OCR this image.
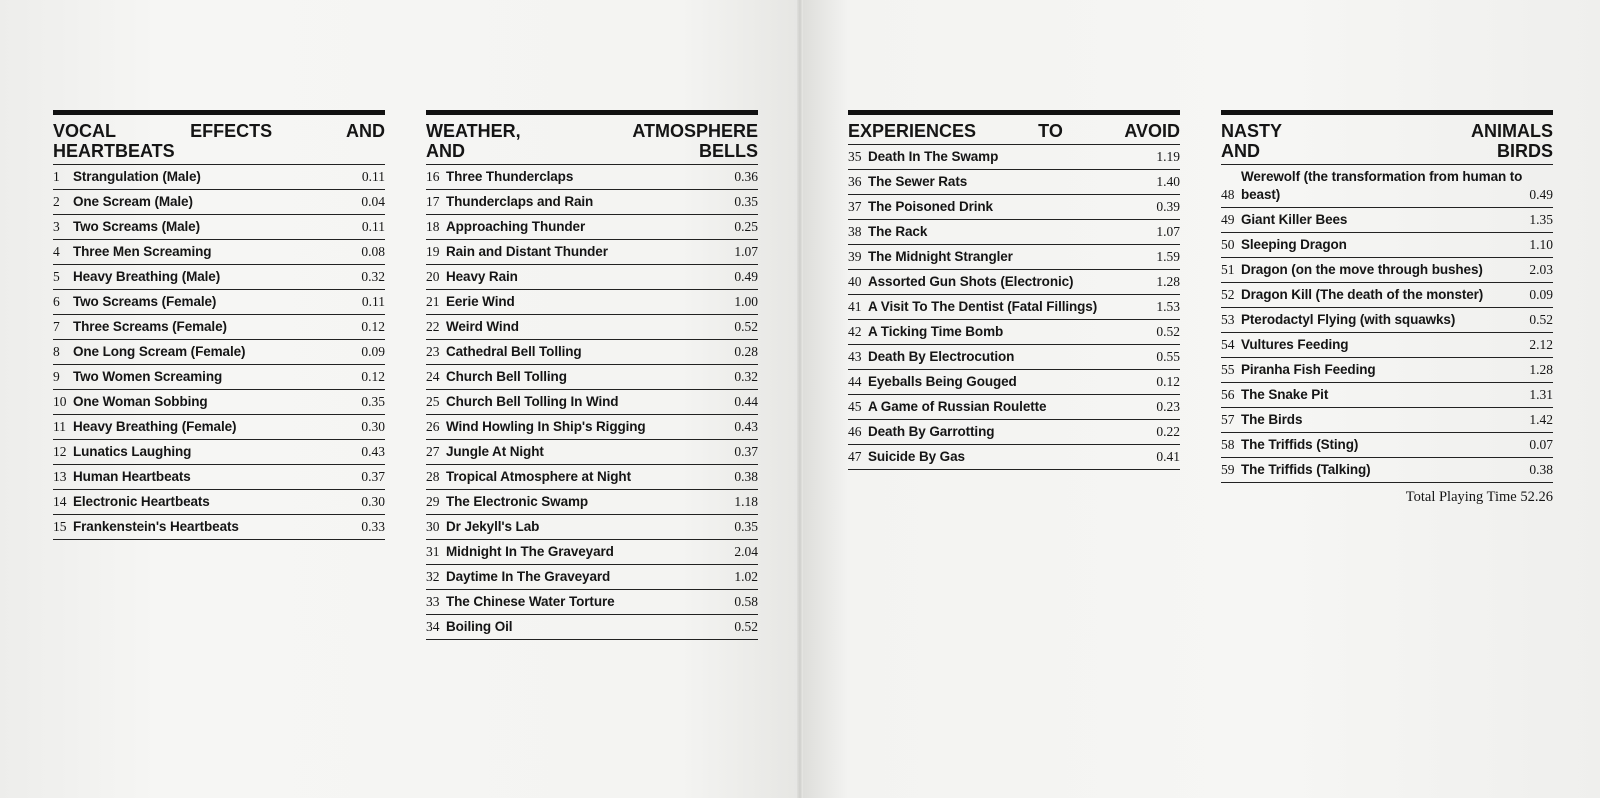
VOCAL EFFECTS AND
HEARTBEATS
1 Strangulation (Male)	0.11
2 One Scream (Male)	0.04
3 Two Screams (Male)	0.11
4 Three Men Screaming	0.08
5 Heavy Breathing (Male)	0.32
6 Two Screams (Female)	0.11
7 Three Screams (Female)	0.12
8 One Long Scream (Female)	0.09
9 Two Women Screaming	0.12
10 One Woman Sobbing	0.35
11 Heavy Breathing (Female)	0.30
12 Lunatics Laughing	0.43
13 Human Heartbeats	0.37
14 Electronic Heartbeats	0.30
15 Frankenstein's Heartbeats	0.33
WEATHER, ATMOSPHERE
AND BELLS
16 Three Thunderclaps	0.36
17 Thunderclaps and Rain	0.35
18 Approaching Thunder	0.25
19 Rain and Distant Thunder	1.07
20 Heavy Rain	0.49
21 Eerie Wind	1.00
22 Weird Wind	0.52
23 Cathedral Bell Tolling	0.28
24 Church Bell Tolling	0.32
25 Church Bell Tolling In Wind	0.44
26 Wind Howling In Ship's Rigging	0.43
27 Jungle At Night	0.37
28 Tropical Atmosphere at Night	0.38
29 The Electronic Swamp	1.18
30 Dr Jekyll's Lab	0.35
31 Midnight In The Graveyard	2.04
32 Daytime In The Graveyard	1.02
33 The Chinese Water Torture	0.58
34 Boiling Oil	0.52
EXPERIENCES TO AVOID
35 Death In The Swamp	1.19
36 The Sewer Rats	1.40
37 The Poisoned Drink	0.39
38 The Rack	1.07
39 The Midnight Strangler	1.59
40 Assorted Gun Shots (Electronic)	1.28
41 A Visit To The Dentist (Fatal Fillings)	1.53
42 A Ticking Time Bomb	0.52
43 Death By Electrocution	0.55
44 Eyeballs Being Gouged	0.12
45 A Game of Russian Roulette	0.23
46 Death By Garrotting	0.22
47 Suicide By Gas	0.41
NASTY ANIMALS
AND BIRDS
48
Werewolf (the transformation from human to beast)	0.49
49 Giant Killer Bees	1.35
50 Sleeping Dragon	1.10
51 Dragon (on the move through bushes)	2.03
52 Dragon Kill (The death of the monster)	0.09
53 Pterodactyl Flying (with squawks)	0.52
54 Vultures Feeding	2.12
55 Piranha Fish Feeding	1.28
56 The Snake Pit	1.31
57 The Birds	1.42
58 The Triffids (Sting)	0.07
59 The Triffids (Talking)	0.38
Total Playing Time 52.26
